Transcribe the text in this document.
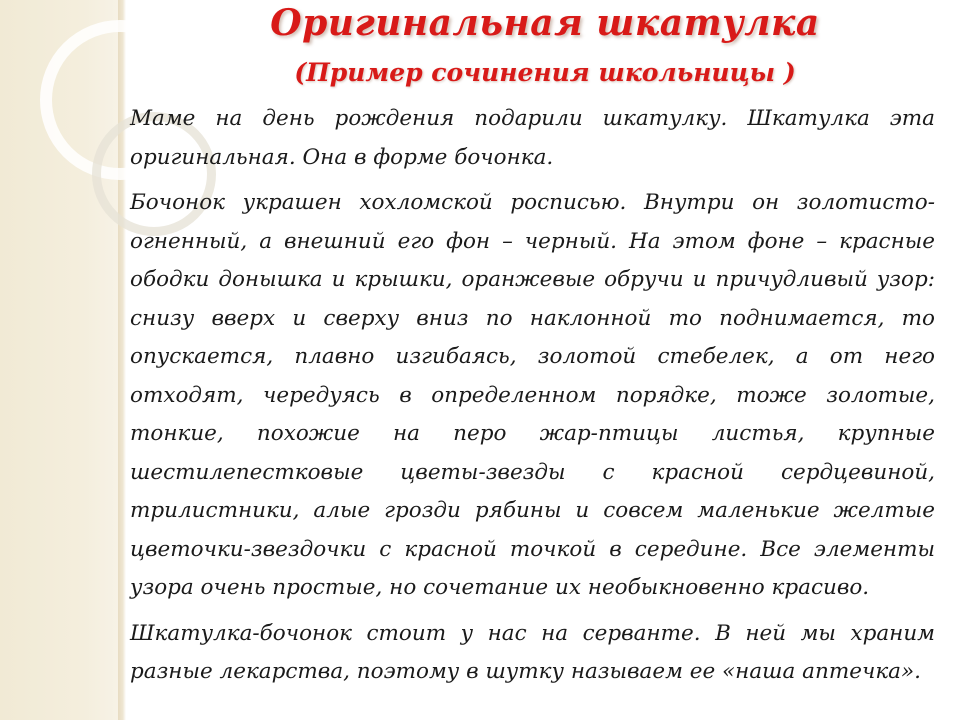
Оригинальная шкатулка
(Пример сочинения школьницы )

Маме на день рождения подарили шкатулку. Шкатулка эта оригинальная. Она в форме бочонка.

Бочонок украшен хохломской росписью. Внутри он золотисто-огненный, а внешний его фон – черный. На этом фоне – красные ободки донышка и крышки, оранжевые обручи и причудливый узор: снизу вверх и сверху вниз по наклонной то поднимается, то опускается, плавно изгибаясь, золотой стебелек, а от него отходят, чередуясь в определенном порядке, тоже золотые, тонкие, похожие на перо жар-птицы листья, крупные шестилепестковые цветы-звезды с красной сердцевиной, трилистники, алые грозди рябины и совсем маленькие желтые цветочки-звездочки с красной точкой в середине. Все элементы узора очень простые, но сочетание их необыкновенно красиво.

Шкатулка-бочонок стоит у нас на серванте. В ней мы храним разные лекарства, поэтому в шутку называем ее «наша аптечка».
